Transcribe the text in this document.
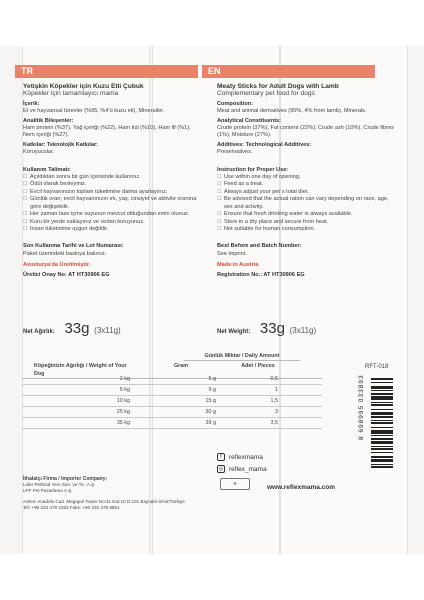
TR	EN
Yetişkin Köpekler için Kuzu Etli Çubuk
Köpekler için tamamlayıcı mama
İçerik:
Et ve hayvansal türevler (%95, %4'ü kuzu eti), Mineraller.
Analitik Bileşenler:
Ham protein (%37), Yağ içeriği (%22), Ham kül (%10), Ham lif (%1), Nem içeriği (%27).
Katkılar: Teknolojik Katkılar:
Koruyucular.
Kullanım Talimatı:
☐ Açıldıktan sonra bir gün içerisinde kullanınız.
☐ Ödül olarak besleyiniz.
☐ Evcil hayvanınızın toplam tüketimine daima ayarlayınız.
☐ Günlük oran; evcil hayvanınızın ırk, yaş, cinsiyet ve aktivite oranına göre değişebilir.
☐ Her zaman taze içme suyunun mevcut olduğundan emin olunuz.
☐ Kuru bir yerde saklayınız ve ısıdan koruyunuz.
☐ İnsan tüketimine uygun değildir.
Son Kullanma Tarihi ve Lot Numarası:
Paket üzerindeki baskıya bakınız.
Avusturya'da Üretilmiştir.
Üretici Onay No: AT HT30906 EG
Meaty Sticks for Adult Dogs with Lamb
Complementary pet food for dogs
Composition:
Meat and animal derivatives (95%, 4% from lamb), Minerals.
Analytical Constituents:
Crude protein (37%), Fat content (22%), Crude ash (10%), Crude fibres (1%), Moisture (27%).
Additives: Technological Additives:
Preservatives.
Instruction for Proper Use:
☐ Use within one day of opening.
☐ Feed as a treat.
☐ Always adjust your pet´s total diet.
☐ Be advised that the actual ration can vary depending on race, age, sex and activity.
☐ Ensure that fresh drinking water is always available.
☐ Store in a dry place and secure from heat.
☐ Not suitable for human consumption.
Best Before and Batch Number:
See imprint.
Made in Austria
Registration No.: AT HT30906 EG
Net Ağırlık: 33g (3x11g)	Net Weight: 33g (3x11g)
Günlük Miktar / Daily Amount
Köpeğinizin Ağırlığı / Weight of Your Dog
Gram	Adet / Pieces
2 kg	5 g	0,5
5 kg	9 g	1
10 kg	15 g	1,5
25 kg	30 g	3
35 kg	39 g	3,5
RFT-018
8 698995 033893
İthalatçı Firma / Importer Company:
Lider Petfood Yem San. ve Tic. A.Ş.
LPF Pet Pazarlama A.Ş.
Adres: Anadolu Cad. Megapol Tower No:41 Kat:10 D:101 Bayraklı-İzmir/Türkiye
Tel: +90 232 479 2353 Faks: +90 232 479 9691
f reflexmama
◎ reflex_mama
♻
www.reflexmama.com
